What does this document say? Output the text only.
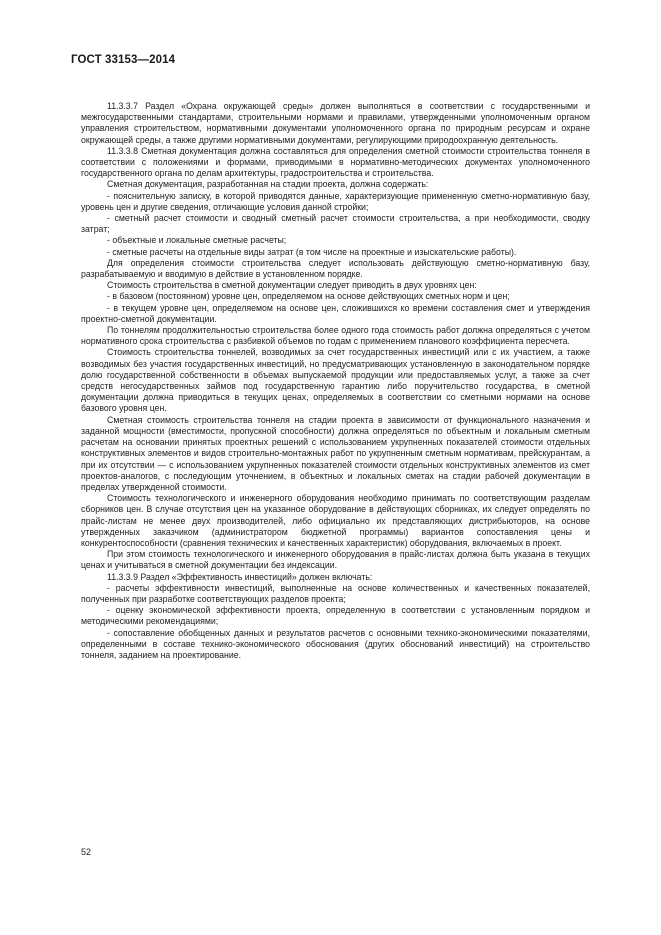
ГОСТ 33153—2014

11.3.3.7 Раздел «Охрана окружающей среды» должен выполняться в соответствии с государственными и межгосударственными стандартами, строительными нормами и правилами, утвержденными уполномоченным органом управления строительством, нормативными документами уполномоченного органа по природным ресурсам и охране окружающей среды, а также другими нормативными документами, регулирующими природоохранную деятельность.

11.3.3.8 Сметная документация должна составляться для определения сметной стоимости строительства тоннеля в соответствии с положениями и формами, приводимыми в нормативно-методических документах уполномоченного государственного органа по делам архитектуры, градостроительства и строительства.

Сметная документация, разработанная на стадии проекта, должна содержать:

- пояснительную записку, в которой приводятся данные, характеризующие примененную сметно-нормативную базу, уровень цен и другие сведения, отличающие условия данной стройки;

- сметный расчет стоимости и сводный сметный расчет стоимости строительства, а при необходимости, сводку затрат;

- объектные и локальные сметные расчеты;

- сметные расчеты на отдельные виды затрат (в том числе на проектные и изыскательские работы).

Для определения стоимости строительства следует использовать действующую сметно-нормативную базу, разрабатываемую и вводимую в действие в установленном порядке.

Стоимость строительства в сметной документации следует приводить в двух уровнях цен:

- в базовом (постоянном) уровне цен, определяемом на основе действующих сметных норм и цен;

- в текущем уровне цен, определяемом на основе цен, сложившихся ко времени составления смет и утверждения проектно-сметной документации.

По тоннелям продолжительностью строительства более одного года стоимость работ должна определяться с учетом нормативного срока строительства с разбивкой объемов по годам с применением планового коэффициента пересчета.

Стоимость строительства тоннелей, возводимых за счет государственных инвестиций или с их участием, а также возводимых без участия государственных инвестиций, но предусматривающих установленную в законодательном порядке долю государственной собственности в объемах выпускаемой продукции или предоставляемых услуг, а также за счет средств негосударственных займов под государственную гарантию либо поручительство государства, в сметной документации должна приводиться в текущих ценах, определяемых в соответствии со сметными нормами на основе базового уровня цен.

Сметная стоимость строительства тоннеля на стадии проекта в зависимости от функционального назначения и заданной мощности (вместимости, пропускной способности) должна определяться по объектным и локальным сметным расчетам на основании принятых проектных решений с использованием укрупненных показателей стоимости отдельных конструктивных элементов и видов строительно-монтажных работ по укрупненным сметным нормативам, прейскурантам, а при их отсутствии — с использованием укрупненных показателей стоимости отдельных конструктивных элементов из смет проектов-аналогов, с последующим уточнением, в объектных и локальных сметах на стадии рабочей документации в пределах утвержденной стоимости.

Стоимость технологического и инженерного оборудования необходимо принимать по соответствующим разделам сборников цен. В случае отсутствия цен на указанное оборудование в действующих сборниках, их следует определять по прайс-листам не менее двух производителей, либо официально их представляющих дистрибьюторов, на основе утвержденных заказчиком (администратором бюджетной программы) вариантов сопоставления цены и конкурентоспособности (сравнения технических и качественных характеристик) оборудования, включаемых в проект.

При этом стоимость технологического и инженерного оборудования в прайс-листах должна быть указана в текущих ценах и учитываться в сметной документации без индексации.

11.3.3.9 Раздел «Эффективность инвестиций» должен включать:

- расчеты эффективности инвестиций, выполненные на основе количественных и качественных показателей, полученных при разработке соответствующих разделов проекта;

- оценку экономической эффективности проекта, определенную в соответствии с установленным порядком и методическими рекомендациями;

- сопоставление обобщенных данных и результатов расчетов с основными технико-экономическими показателями, определенными в составе технико-экономического обоснования (других обоснований инвестиций) на строительство тоннеля, заданием на проектирование.

52
